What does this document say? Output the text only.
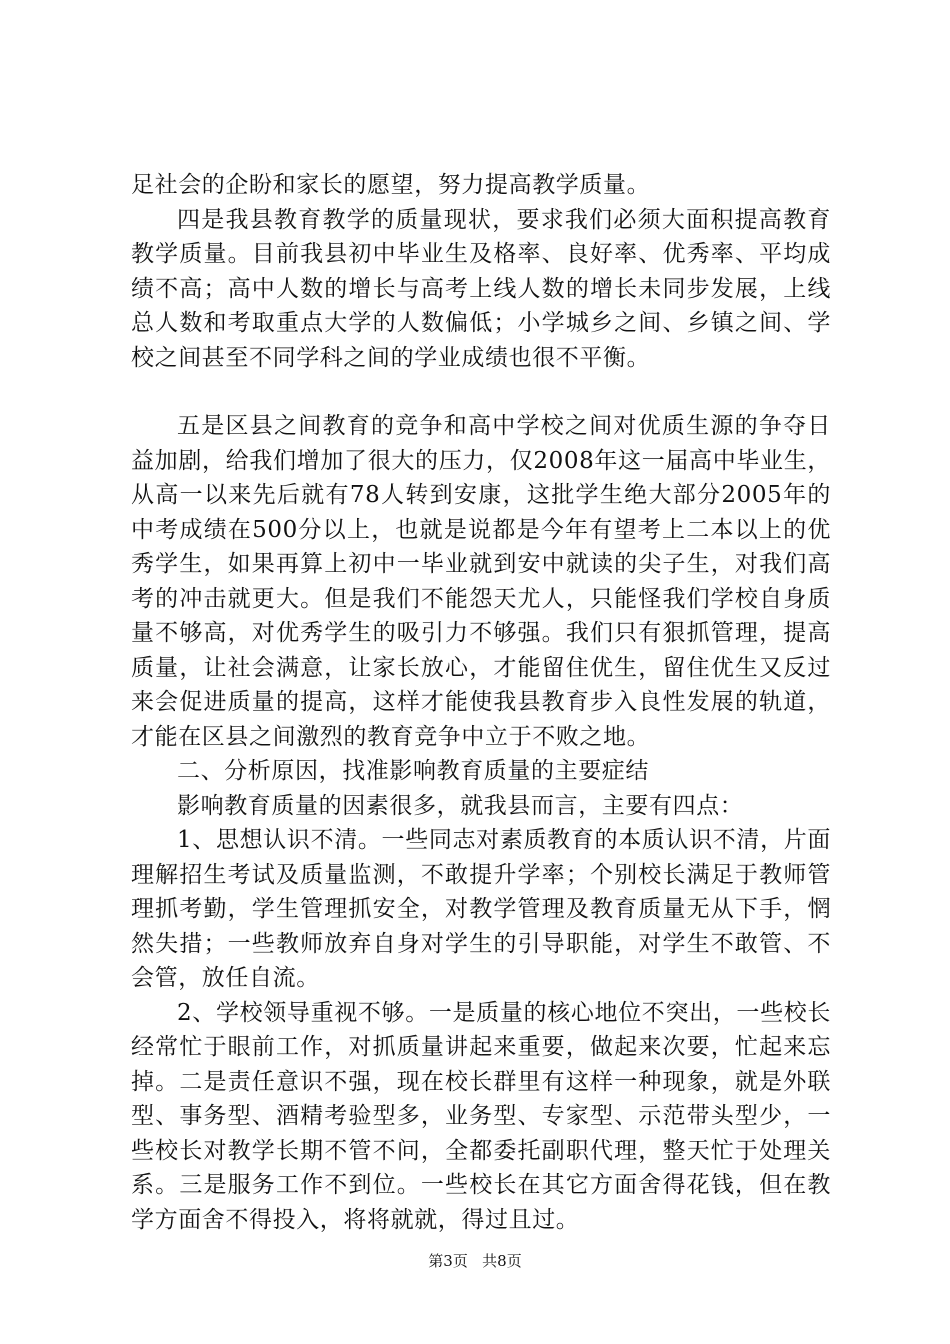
足社会的企盼和家长的愿望，努力提高教学质量。

四是我县教育教学的质量现状，要求我们必须大面积提高教育教学质量。目前我县初中毕业生及格率、良好率、优秀率、平均成绩不高；高中人数的增长与高考上线人数的增长未同步发展，上线总人数和考取重点大学的人数偏低；小学城乡之间、乡镇之间、学校之间甚至不同学科之间的学业成绩也很不平衡。

五是区县之间教育的竞争和高中学校之间对优质生源的争夺日益加剧，给我们增加了很大的压力，仅2008年这一届高中毕业生，从高一以来先后就有78人转到安康，这批学生绝大部分2005年的中考成绩在500分以上，也就是说都是今年有望考上二本以上的优秀学生，如果再算上初中一毕业就到安中就读的尖子生，对我们高考的冲击就更大。但是我们不能怨天尤人，只能怪我们学校自身质量不够高，对优秀学生的吸引力不够强。我们只有狠抓管理，提高质量，让社会满意，让家长放心，才能留住优生，留住优生又反过来会促进质量的提高，这样才能使我县教育步入良性发展的轨道，才能在区县之间激烈的教育竞争中立于不败之地。

二、分析原因，找准影响教育质量的主要症结

影响教育质量的因素很多，就我县而言，主要有四点：

1、思想认识不清。一些同志对素质教育的本质认识不清，片面理解招生考试及质量监测，不敢提升学率；个别校长满足于教师管理抓考勤，学生管理抓安全，对教学管理及教育质量无从下手，惘然失措；一些教师放弃自身对学生的引导职能，对学生不敢管、不会管，放任自流。

2、学校领导重视不够。一是质量的核心地位不突出，一些校长经常忙于眼前工作，对抓质量讲起来重要，做起来次要，忙起来忘掉。二是责任意识不强，现在校长群里有这样一种现象，就是外联型、事务型、酒精考验型多，业务型、专家型、示范带头型少，一些校长对教学长期不管不问，全都委托副职代理，整天忙于处理关系。三是服务工作不到位。一些校长在其它方面舍得花钱，但在教学方面舍不得投入，将将就就，得过且过。

第3页 共8页
